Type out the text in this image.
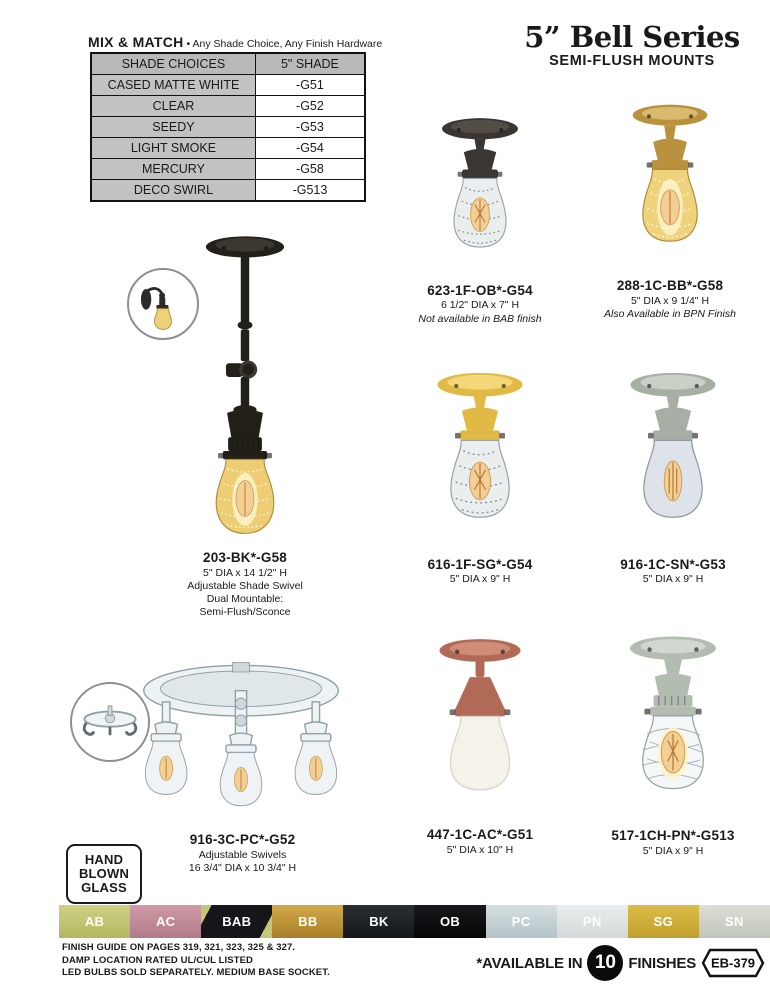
MIX & MATCH • Any Shade Choice, Any Finish Hardware
SHADE CHOICES	5" SHADE
CASED MATTE WHITE	-G51
CLEAR	-G52
SEEDY	-G53
LIGHT SMOKE	-G54
MERCURY	-G58
DECO SWIRL	-G513
5” Bell Series
SEMI-FLUSH MOUNTS
623-1F-OB*-G54
6 1/2" DIA x 7" H
Not available in BAB finish
288-1C-BB*-G58
5" DIA x 9 1/4" H
Also Available in BPN Finish
203-BK*-G58
5" DIA x 14 1/2" H
Adjustable Shade Swivel
Dual Mountable:
Semi-Flush/Sconce
616-1F-SG*-G54
5" DIA x 9" H
916-1C-SN*-G53
5" DIA x 9" H
916-3C-PC*-G52
Adjustable Swivels
16 3/4" DIA x 10 3/4" H
447-1C-AC*-G51
5" DIA x 10" H
517-1CH-PN*-G513
5" DIA x 9" H
HAND
BLOWN
GLASS
AB	AC	BAB	BB	BK	OB	PC	PN	SG	SN
FINISH GUIDE ON PAGES 319, 321, 323, 325 & 327.
DAMP LOCATION RATED UL/CUL LISTED
LED BULBS SOLD SEPARATELY. MEDIUM BASE SOCKET.
*AVAILABLE IN 10 FINISHES EB-379
